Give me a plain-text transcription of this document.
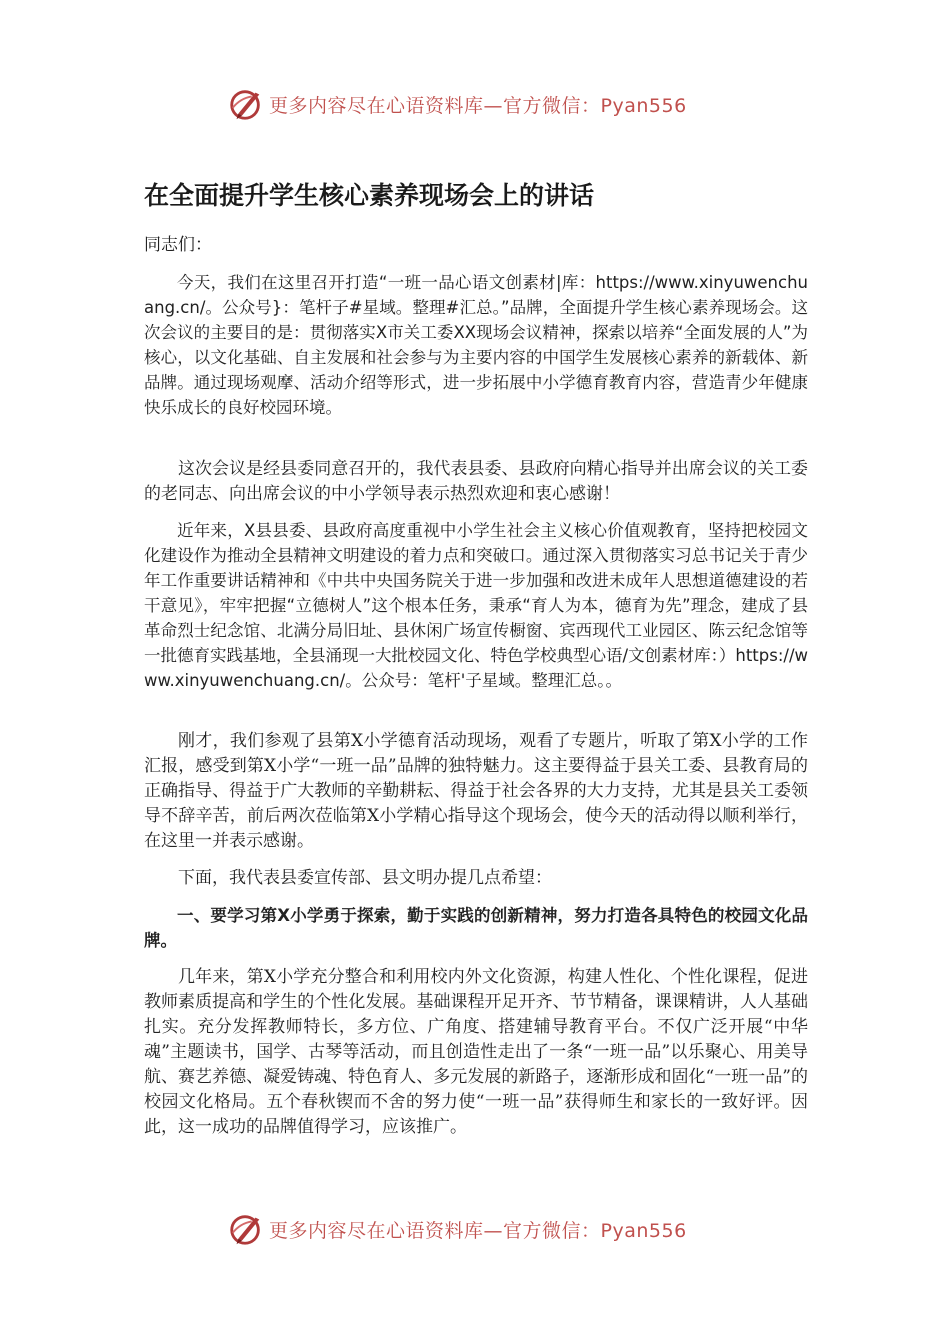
更多内容尽在心语资料库—官方微信：Pyan556
在全面提升学生核心素养现场会上的讲话

同志们：

今天，我们在这里召开打造“一班一品心语文创素材|库：https://www.xinyuwenchuang.cn/。公众号}：笔杆子#星域。整理#汇总。”品牌，全面提升学生核心素养现场会。这次会议的主要目的是：贯彻落实X市关工委XX现场会议精神，探索以培养“全面发展的人”为核心，以文化基础、自主发展和社会参与为主要内容的中国学生发展核心素养的新载体、新品牌。通过现场观摩、活动介绍等形式，进一步拓展中小学德育教育内容，营造青少年健康快乐成长的良好校园环境。

这次会议是经县委同意召开的，我代表县委、县政府向精心指导并出席会议的关工委的老同志、向出席会议的中小学领导表示热烈欢迎和衷心感谢！

近年来，X县县委、县政府高度重视中小学生社会主义核心价值观教育，坚持把校园文化建设作为推动全县精神文明建设的着力点和突破口。通过深入贯彻落实习总书记关于青少年工作重要讲话精神和《中共中央国务院关于进一步加强和改进未成年人思想道德建设的若干意见》，牢牢把握“立德树人”这个根本任务，秉承“育人为本，德育为先”理念，建成了县革命烈士纪念馆、北满分局旧址、县休闲广场宣传橱窗、宾西现代工业园区、陈云纪念馆等一批德育实践基地，全县涌现一大批校园文化、特色学校典型心语/文创素材库：）https://www.xinyuwenchuang.cn/。公众号：笔杆'子星域。整理汇总。。

刚才，我们参观了县第X小学德育活动现场，观看了专题片，听取了第X小学的工作汇报，感受到第X小学“一班一品”品牌的独特魅力。这主要得益于县关工委、县教育局的正确指导、得益于广大教师的辛勤耕耘、得益于社会各界的大力支持，尤其是县关工委领导不辞辛苦，前后两次莅临第X小学精心指导这个现场会，使今天的活动得以顺利举行，在这里一并表示感谢。

下面，我代表县委宣传部、县文明办提几点希望：

一、要学习第X小学勇于探索，勤于实践的创新精神，努力打造各具特色的校园文化品牌。

几年来，第X小学充分整合和利用校内外文化资源，构建人性化、个性化课程，促进教师素质提高和学生的个性化发展。基础课程开足开齐、节节精备，课课精讲，人人基础扎实。充分发挥教师特长，多方位、广角度、搭建辅导教育平台。不仅广泛开展“中华魂”主题读书，国学、古琴等活动，而且创造性走出了一条“一班一品”以乐聚心、用美导航、赛艺养德、凝爱铸魂、特色育人、多元发展的新路子，逐渐形成和固化“一班一品”的校园文化格局。五个春秋锲而不舍的努力使“一班一品”获得师生和家长的一致好评。因此，这一成功的品牌值得学习，应该推广。

更多内容尽在心语资料库—官方微信：Pyan556
